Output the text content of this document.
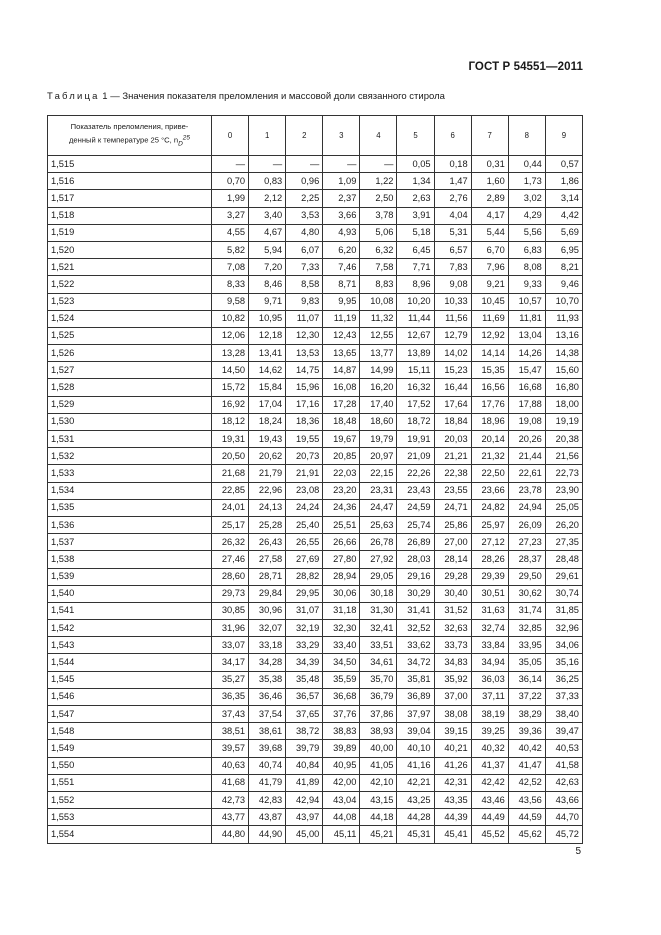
ГОСТ Р 54551—2011
Таблица 1 — Значения показателя преломления и массовой доли связанного стирола
Показатель преломления, приве-
денный к температуре 25 °С, $n_D^{25}$	0	1	2	3	4	5	6	7	8	9
1,515	—	—	—	—	—	0,05	0,18	0,31	0,44	0,57
1,516	0,70	0,83	0,96	1,09	1,22	1,34	1,47	1,60	1,73	1,86
1,517	1,99	2,12	2,25	2,37	2,50	2,63	2,76	2,89	3,02	3,14
1,518	3,27	3,40	3,53	3,66	3,78	3,91	4,04	4,17	4,29	4,42
1,519	4,55	4,67	4,80	4,93	5,06	5,18	5,31	5,44	5,56	5,69
1,520	5,82	5,94	6,07	6,20	6,32	6,45	6,57	6,70	6,83	6,95
1,521	7,08	7,20	7,33	7,46	7,58	7,71	7,83	7,96	8,08	8,21
1,522	8,33	8,46	8,58	8,71	8,83	8,96	9,08	9,21	9,33	9,46
1,523	9,58	9,71	9,83	9,95	10,08	10,20	10,33	10,45	10,57	10,70
1,524	10,82	10,95	11,07	11,19	11,32	11,44	11,56	11,69	11,81	11,93
1,525	12,06	12,18	12,30	12,43	12,55	12,67	12,79	12,92	13,04	13,16
1,526	13,28	13,41	13,53	13,65	13,77	13,89	14,02	14,14	14,26	14,38
1,527	14,50	14,62	14,75	14,87	14,99	15,11	15,23	15,35	15,47	15,60
1,528	15,72	15,84	15,96	16,08	16,20	16,32	16,44	16,56	16,68	16,80
1,529	16,92	17,04	17,16	17,28	17,40	17,52	17,64	17,76	17,88	18,00
1,530	18,12	18,24	18,36	18,48	18,60	18,72	18,84	18,96	19,08	19,19
1,531	19,31	19,43	19,55	19,67	19,79	19,91	20,03	20,14	20,26	20,38
1,532	20,50	20,62	20,73	20,85	20,97	21,09	21,21	21,32	21,44	21,56
1,533	21,68	21,79	21,91	22,03	22,15	22,26	22,38	22,50	22,61	22,73
1,534	22,85	22,96	23,08	23,20	23,31	23,43	23,55	23,66	23,78	23,90
1,535	24,01	24,13	24,24	24,36	24,47	24,59	24,71	24,82	24,94	25,05
1,536	25,17	25,28	25,40	25,51	25,63	25,74	25,86	25,97	26,09	26,20
1,537	26,32	26,43	26,55	26,66	26,78	26,89	27,00	27,12	27,23	27,35
1,538	27,46	27,58	27,69	27,80	27,92	28,03	28,14	28,26	28,37	28,48
1,539	28,60	28,71	28,82	28,94	29,05	29,16	29,28	29,39	29,50	29,61
1,540	29,73	29,84	29,95	30,06	30,18	30,29	30,40	30,51	30,62	30,74
1,541	30,85	30,96	31,07	31,18	31,30	31,41	31,52	31,63	31,74	31,85
1,542	31,96	32,07	32,19	32,30	32,41	32,52	32,63	32,74	32,85	32,96
1,543	33,07	33,18	33,29	33,40	33,51	33,62	33,73	33,84	33,95	34,06
1,544	34,17	34,28	34,39	34,50	34,61	34,72	34,83	34,94	35,05	35,16
1,545	35,27	35,38	35,48	35,59	35,70	35,81	35,92	36,03	36,14	36,25
1,546	36,35	36,46	36,57	36,68	36,79	36,89	37,00	37,11	37,22	37,33
1,547	37,43	37,54	37,65	37,76	37,86	37,97	38,08	38,19	38,29	38,40
1,548	38,51	38,61	38,72	38,83	38,93	39,04	39,15	39,25	39,36	39,47
1,549	39,57	39,68	39,79	39,89	40,00	40,10	40,21	40,32	40,42	40,53
1,550	40,63	40,74	40,84	40,95	41,05	41,16	41,26	41,37	41,47	41,58
1,551	41,68	41,79	41,89	42,00	42,10	42,21	42,31	42,42	42,52	42,63
1,552	42,73	42,83	42,94	43,04	43,15	43,25	43,35	43,46	43,56	43,66
1,553	43,77	43,87	43,97	44,08	44,18	44,28	44,39	44,49	44,59	44,70
1,554	44,80	44,90	45,00	45,11	45,21	45,31	45,41	45,52	45,62	45,72
5
